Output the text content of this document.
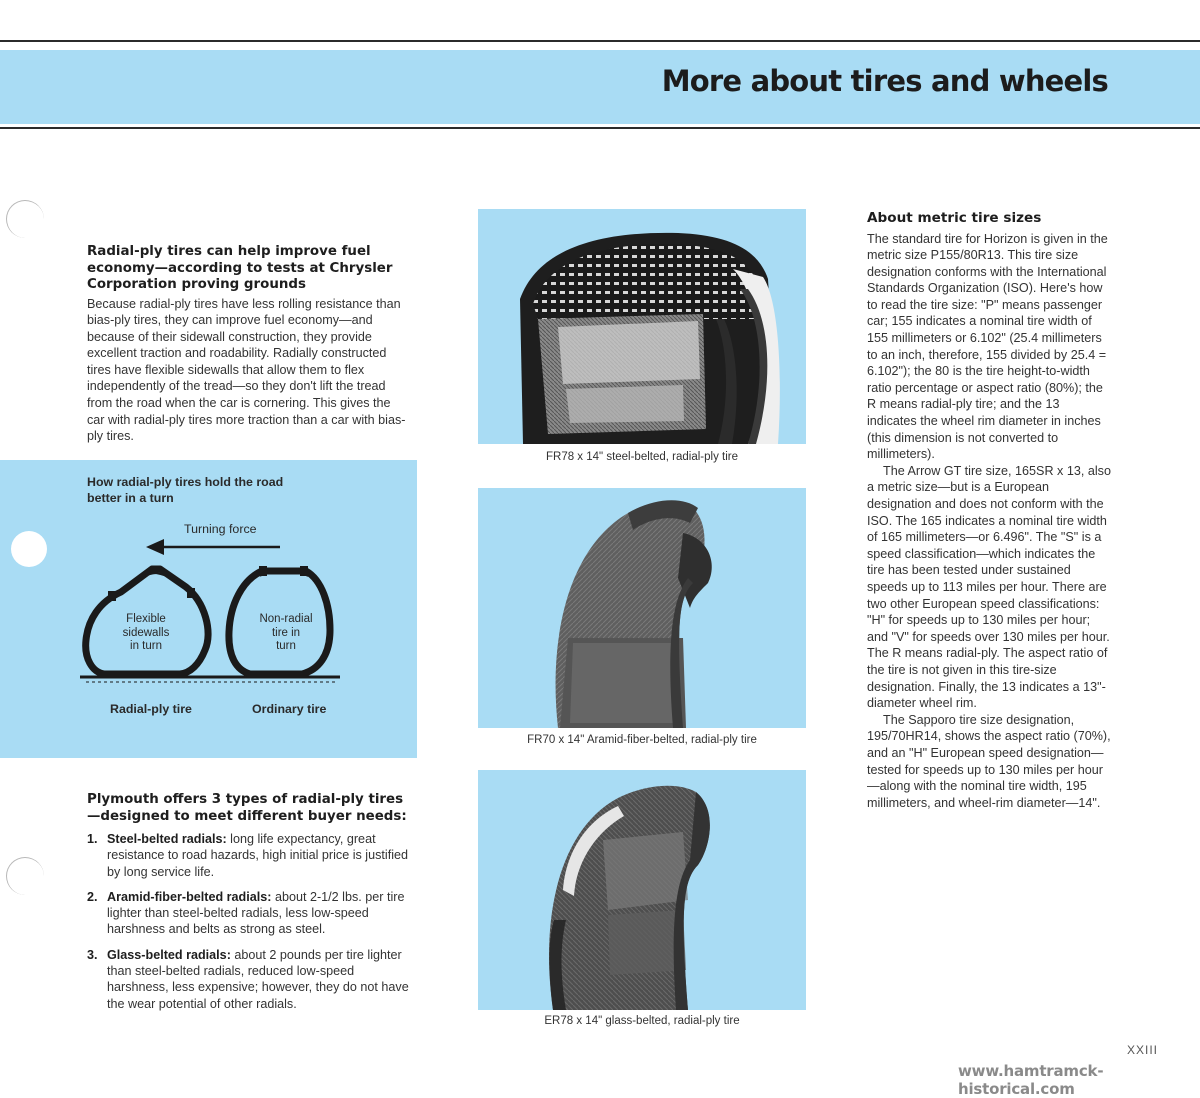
More about tires and wheels
Radial-ply tires can help improve fuel
economy—according to tests at Chrysler
Corporation proving grounds

Because radial-ply tires have less rolling resistance than bias-ply tires, they can improve fuel economy—and because of their sidewall construction, they provide excellent traction and roadability. Radially constructed tires have flexible sidewalls that allow them to flex independently of the tread—so they don't lift the tread from the road when the car is cornering. This gives the car with radial-ply tires more traction than a car with bias-ply tires.

How radial-ply tires hold the road
better in a turn
Turning force
Flexible
sidewalls
in turn
Non-radial
tire in
turn
Radial-ply tire	Ordinary tire
Plymouth offers 3 types of radial-ply tires
—designed to meet different buyer needs:
1. Steel-belted radials: long life expectancy, great resistance to road hazards, high initial price is justified by long service life.
2. Aramid-fiber-belted radials: about 2-1/2 lbs. per tire lighter than steel-belted radials, less low-speed harshness and belts as strong as steel.
3. Glass-belted radials: about 2 pounds per tire lighter than steel-belted radials, reduced low-speed harshness, less expensive; however, they do not have the wear potential of other radials.
FR78 x 14" steel-belted, radial-ply tire
FR70 x 14" Aramid-fiber-belted, radial-ply tire
ER78 x 14" glass-belted, radial-ply tire
About metric tire sizes

The standard tire for Horizon is given in the metric size P155/80R13. This tire size designation conforms with the International Standards Organization (ISO). Here's how to read the tire size: "P" means passenger car; 155 indicates a nominal tire width of 155 millimeters or 6.102" (25.4 millimeters to an inch, therefore, 155 divided by 25.4 = 6.102"); the 80 is the tire height-to-width ratio percentage or aspect ratio (80%); the R means radial-ply tire; and the 13 indicates the wheel rim diameter in inches (this dimension is not converted to millimeters).

The Arrow GT tire size, 165SR x 13, also a metric size—but is a European designation and does not conform with the ISO. The 165 indicates a nominal tire width of 165 millimeters—or 6.496". The "S" is a speed classification—which indicates the tire has been tested under sustained speeds up to 113 miles per hour. There are two other European speed classifications: "H" for speeds up to 130 miles per hour; and "V" for speeds over 130 miles per hour. The R means radial-ply. The aspect ratio of the tire is not given in this tire-size designation. Finally, the 13 indicates a 13"-diameter wheel rim.

The Sapporo tire size designation, 195/70HR14, shows the aspect ratio (70%), and an "H" European speed designation—tested for speeds up to 130 miles per hour—along with the nominal tire width, 195 millimeters, and wheel-rim diameter—14".

XXIII
www.hamtramck-historical.com
